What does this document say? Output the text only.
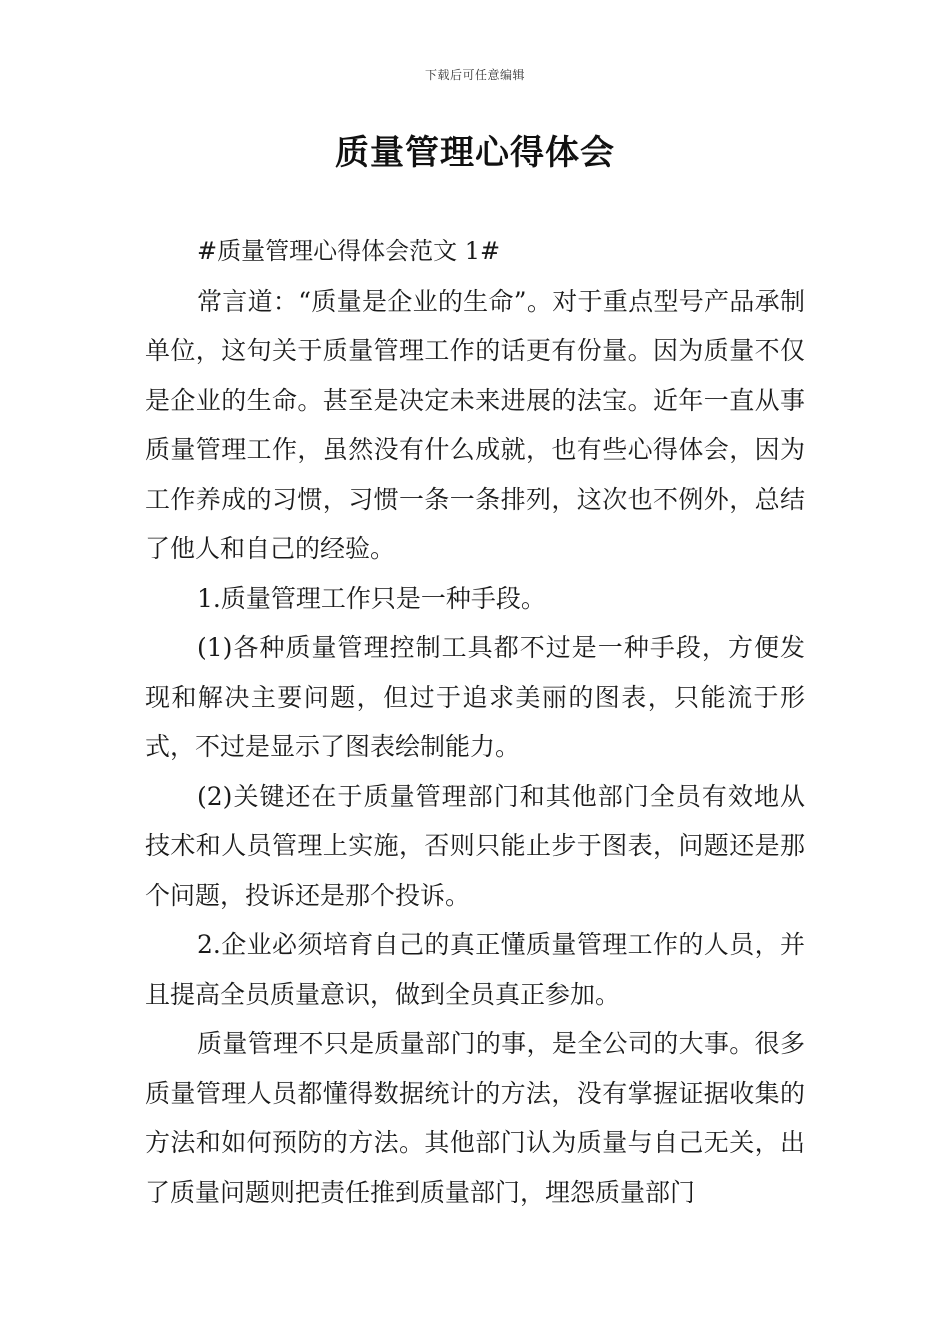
下载后可任意编辑
质量管理心得体会

#质量管理心得体会范文 1#

常言道：“质量是企业的生命”。对于重点型号产品承制单位，这句关于质量管理工作的话更有份量。因为质量不仅是企业的生命。甚至是决定未来进展的法宝。近年一直从事质量管理工作，虽然没有什么成就，也有些心得体会，因为工作养成的习惯，习惯一条一条排列，这次也不例外，总结了他人和自己的经验。

1.质量管理工作只是一种手段。

(1)各种质量管理控制工具都不过是一种手段，方便发现和解决主要问题，但过于追求美丽的图表，只能流于形式，不过是显示了图表绘制能力。

(2)关键还在于质量管理部门和其他部门全员有效地从技术和人员管理上实施，否则只能止步于图表，问题还是那个问题，投诉还是那个投诉。

2.企业必须培育自己的真正懂质量管理工作的人员，并且提高全员质量意识，做到全员真正参加。

质量管理不只是质量部门的事，是全公司的大事。很多质量管理人员都懂得数据统计的方法，没有掌握证据收集的方法和如何预防的方法。其他部门认为质量与自己无关，出了质量问题则把责任推到质量部门，埋怨质量部门
